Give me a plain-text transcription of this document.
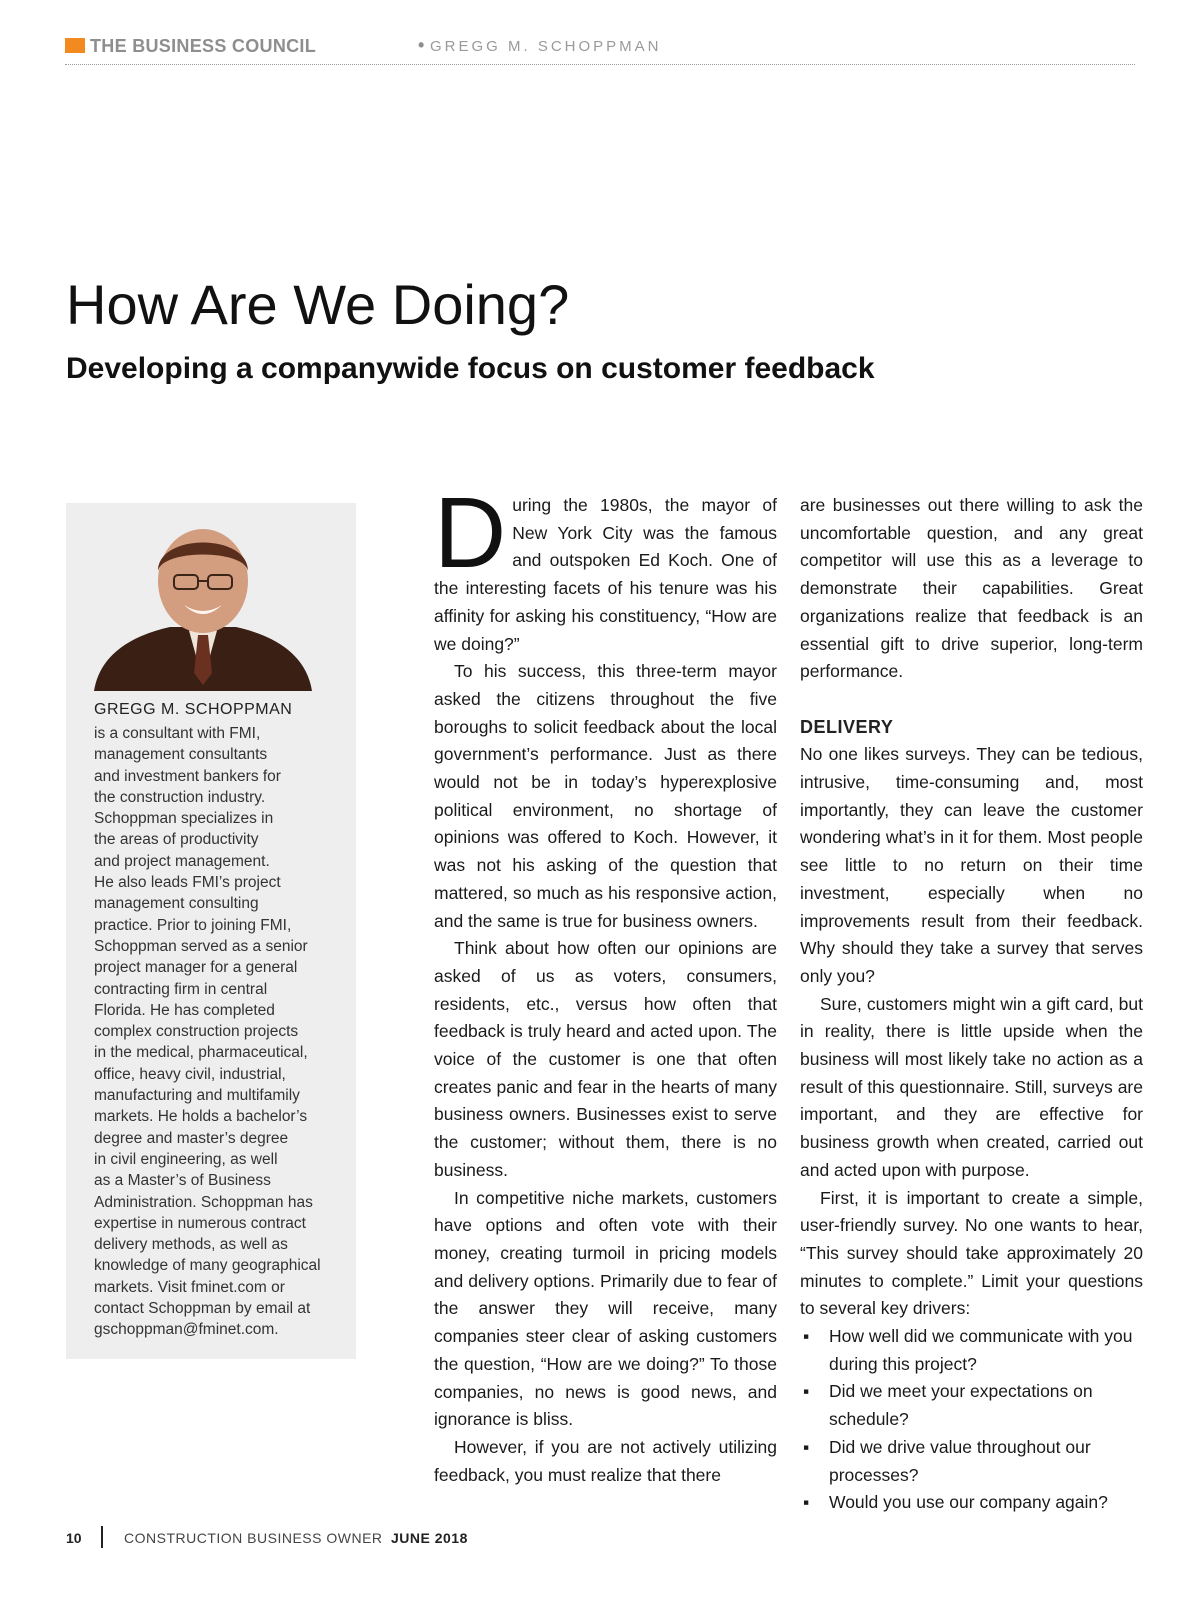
THE BUSINESS COUNCIL	• GREGG M. SCHOPPMAN
How Are We Doing?
Developing a companywide focus on customer feedback
GREGG M. SCHOPPMAN
is a consultant with FMI,
management consultants
and investment bankers for
the construction industry.
Schoppman specializes in
the areas of productivity
and project management.
He also leads FMI’s project
management consulting
practice. Prior to joining FMI,
Schoppman served as a senior
project manager for a general
contracting firm in central
Florida. He has completed
complex construction projects
in the medical, pharmaceutical,
office, heavy civil, industrial,
manufacturing and multifamily
markets. He holds a bachelor’s
degree and master’s degree
in civil engineering, as well
as a Master’s of Business
Administration. Schoppman has
expertise in numerous contract
delivery methods, as well as
knowledge of many geographical
markets. Visit fminet.com or
contact Schoppman by email at
gschoppman@fminet.com.

During the 1980s, the mayor of New York City was the famous and outspoken Ed Koch. One of the interesting facets of his tenure was his affinity for asking his constituency, “How are we doing?”

To his success, this three-term mayor asked the citizens throughout the five boroughs to solicit feedback about the local government’s performance. Just as there would not be in today’s hyperexplosive political environment, no shortage of opinions was offered to Koch. However, it was not his asking of the question that mattered, so much as his responsive action, and the same is true for business owners.

Think about how often our opinions are asked of us as voters, consumers, residents, etc., versus how often that feedback is truly heard and acted upon. The voice of the customer is one that often creates panic and fear in the hearts of many business owners. Businesses exist to serve the customer; without them, there is no business.

In competitive niche markets, customers have options and often vote with their money, creating turmoil in pricing models and delivery options. Primarily due to fear of the answer they will receive, many companies steer clear of asking customers the question, “How are we doing?” To those companies, no news is good news, and ignorance is bliss.

However, if you are not actively utilizing feedback, you must realize that there

are businesses out there willing to ask the uncomfortable question, and any great competitor will use this as a leverage to demonstrate their capabilities. Great organizations realize that feedback is an essential gift to drive superior, long-term performance.

DELIVERY

No one likes surveys. They can be tedious, intrusive, time-consuming and, most importantly, they can leave the customer wondering what’s in it for them. Most people see little to no return on their time investment, especially when no improvements result from their feedback. Why should they take a survey that serves only you?

Sure, customers might win a gift card, but in reality, there is little upside when the business will most likely take no action as a result of this questionnaire. Still, surveys are important, and they are effective for business growth when created, carried out and acted upon with purpose.

First, it is important to create a simple, user-friendly survey. No one wants to hear, “This survey should take approximately 20 minutes to complete.” Limit your questions to several key drivers:

▪ How well did we communicate with you during this project?
▪ Did we meet your expectations on schedule?
▪ Did we drive value throughout our processes?
▪ Would you use our company again?
10	CONSTRUCTION BUSINESS OWNER JUNE 2018
